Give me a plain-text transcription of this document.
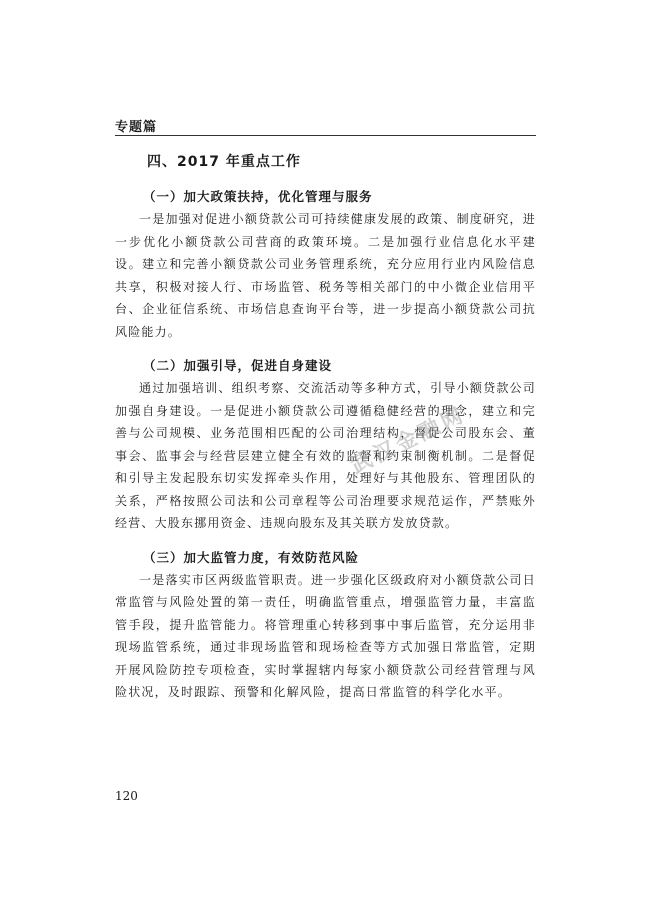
专题篇
四、2017 年重点工作
（一）加大政策扶持，优化管理与服务

一是加强对促进小额贷款公司可持续健康发展的政策、制度研究，进一步优化小额贷款公司营商的政策环境。二是加强行业信息化水平建设。建立和完善小额贷款公司业务管理系统，充分应用行业内风险信息共享，积极对接人行、市场监管、税务等相关部门的中小微企业信用平台、企业征信系统、市场信息查询平台等，进一步提高小额贷款公司抗风险能力。

（二）加强引导，促进自身建设

通过加强培训、组织考察、交流活动等多种方式，引导小额贷款公司加强自身建设。一是促进小额贷款公司遵循稳健经营的理念，建立和完善与公司规模、业务范围相匹配的公司治理结构，督促公司股东会、董事会、监事会与经营层建立健全有效的监督和约束制衡机制。二是督促和引导主发起股东切实发挥牵头作用，处理好与其他股东、管理团队的关系，严格按照公司法和公司章程等公司治理要求规范运作，严禁账外经营、大股东挪用资金、违规向股东及其关联方发放贷款。

（三）加大监管力度，有效防范风险

一是落实市区两级监管职责。进一步强化区级政府对小额贷款公司日常监管与风险处置的第一责任，明确监管重点，增强监管力量，丰富监管手段，提升监管能力。将管理重心转移到事中事后监管，充分运用非现场监管系统，通过非现场监管和现场检查等方式加强日常监管，定期开展风险防控专项检查，实时掌握辖内每家小额贷款公司经营管理与风险状况，及时跟踪、预警和化解风险，提高日常监管的科学化水平。

武汉金融网
120
